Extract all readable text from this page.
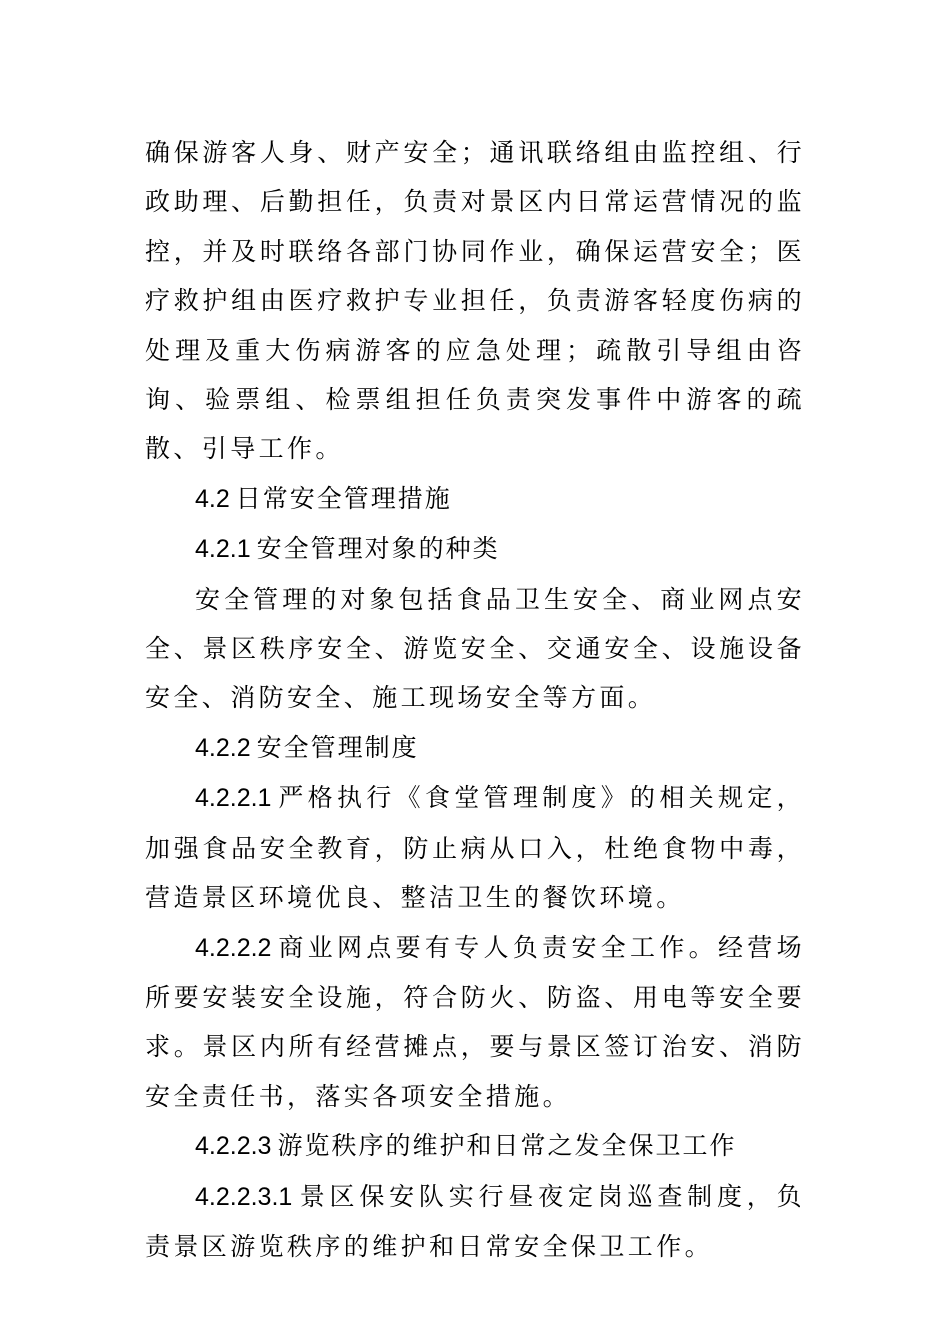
确保游客人身、财产安全；通讯联络组由监控组、行政助理、后勤担任，负责对景区内日常运营情况的监控，并及时联络各部门协同作业，确保运营安全；医疗救护组由医疗救护专业担任，负责游客轻度伤病的处理及重大伤病游客的应急处理；疏散引导组由咨询、验票组、检票组担任负责突发事件中游客的疏散、引导工作。

4.2 日常安全管理措施

4.2.1 安全管理对象的种类

安全管理的对象包括食品卫生安全、商业网点安全、景区秩序安全、游览安全、交通安全、设施设备安全、消防安全、施工现场安全等方面。

4.2.2 安全管理制度

4.2.2.1 严格执行《食堂管理制度》的相关规定，加强食品安全教育，防止病从口入，杜绝食物中毒，营造景区环境优良、整洁卫生的餐饮环境。

4.2.2.2 商业网点要有专人负责安全工作。经营场所要安装安全设施，符合防火、防盗、用电等安全要求。景区内所有经营摊点，要与景区签订治安、消防安全责任书，落实各项安全措施。

4.2.2.3 游览秩序的维护和日常之发全保卫工作

4.2.2.3.1 景区保安队实行昼夜定岗巡查制度，负责景区游览秩序的维护和日常安全保卫工作。
